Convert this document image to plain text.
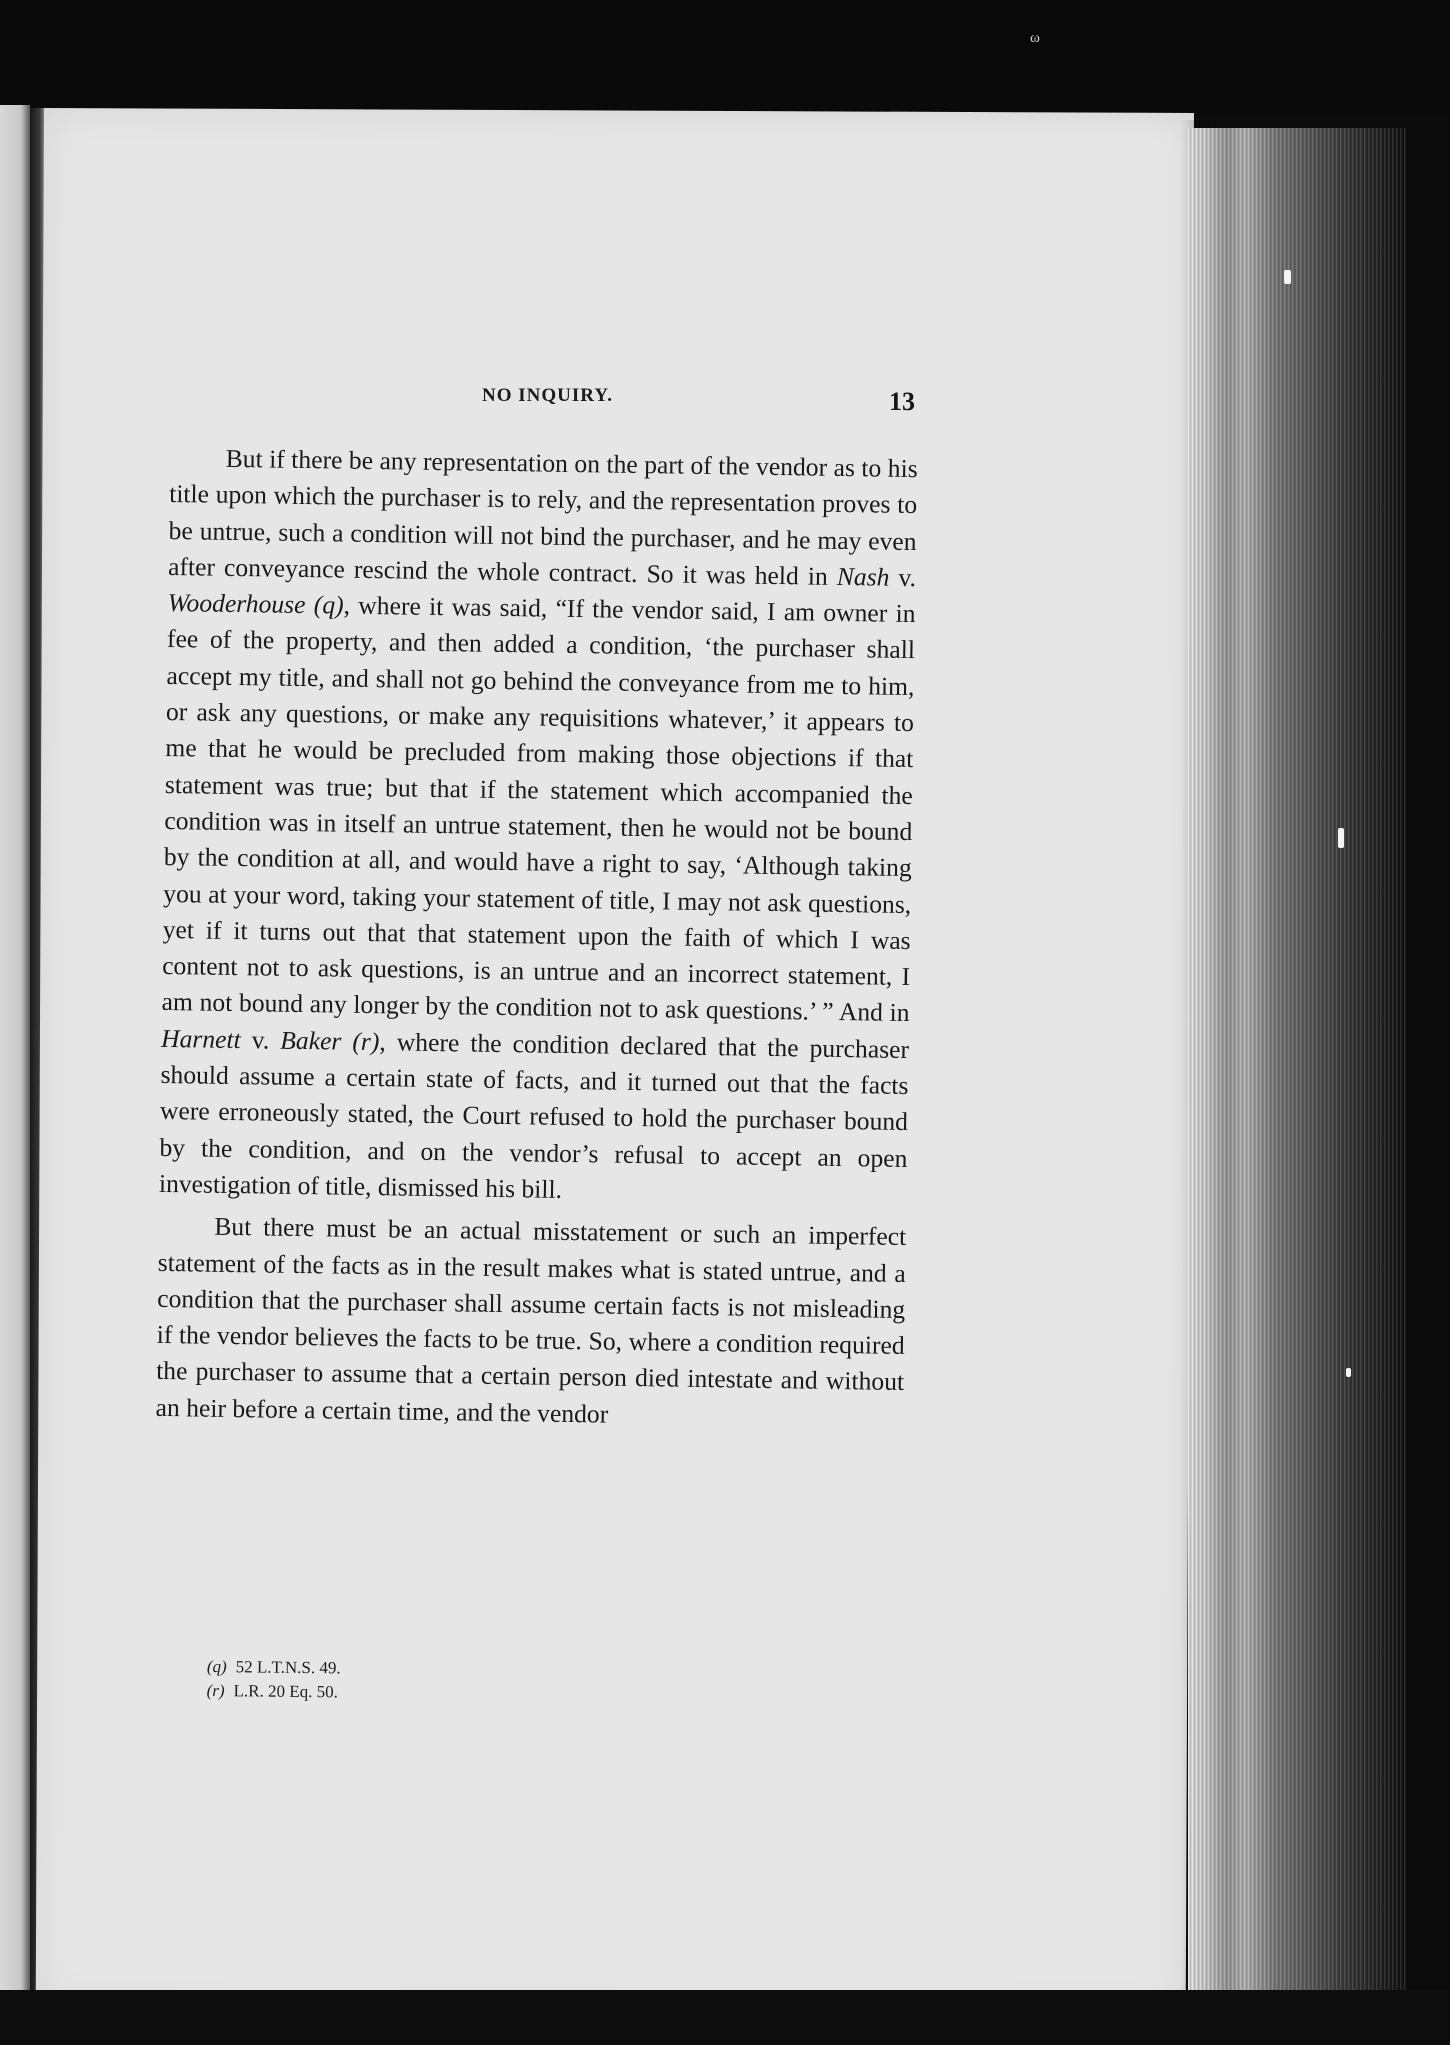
ω
NO INQUIRY.	13

But if there be any representation on the part of the vendor as to his title upon which the purchaser is to rely, and the representation proves to be untrue, such a condition will not bind the purchaser, and he may even after conveyance rescind the whole contract. So it was held in Nash v. Wooderhouse (q), where it was said, “If the vendor said, I am owner in fee of the property, and then added a condition, ‘the purchaser shall accept my title, and shall not go behind the conveyance from me to him, or ask any questions, or make any requisitions whatever,’ it appears to me that he would be precluded from making those objections if that statement was true; but that if the statement which accompanied the condition was in itself an untrue statement, then he would not be bound by the condition at all, and would have a right to say, ‘Although taking you at your word, taking your statement of title, I may not ask questions, yet if it turns out that that statement upon the faith of which I was content not to ask questions, is an untrue and an incorrect statement, I am not bound any longer by the condition not to ask questions.’ ” And in Harnett v. Baker (r), where the condition declared that the purchaser should assume a certain state of facts, and it turned out that the facts were erroneously stated, the Court refused to hold the purchaser bound by the condition, and on the vendor’s refusal to accept an open investigation of title, dismissed his bill.

But there must be an actual misstatement or such an imperfect statement of the facts as in the result makes what is stated untrue, and a condition that the purchaser shall assume certain facts is not misleading if the vendor believes the facts to be true. So, where a condition required the purchaser to assume that a certain person died intestate and without an heir before a certain time, and the vendor

(q) 52 L.T.N.S. 49.
(r) L.R. 20 Eq. 50.
